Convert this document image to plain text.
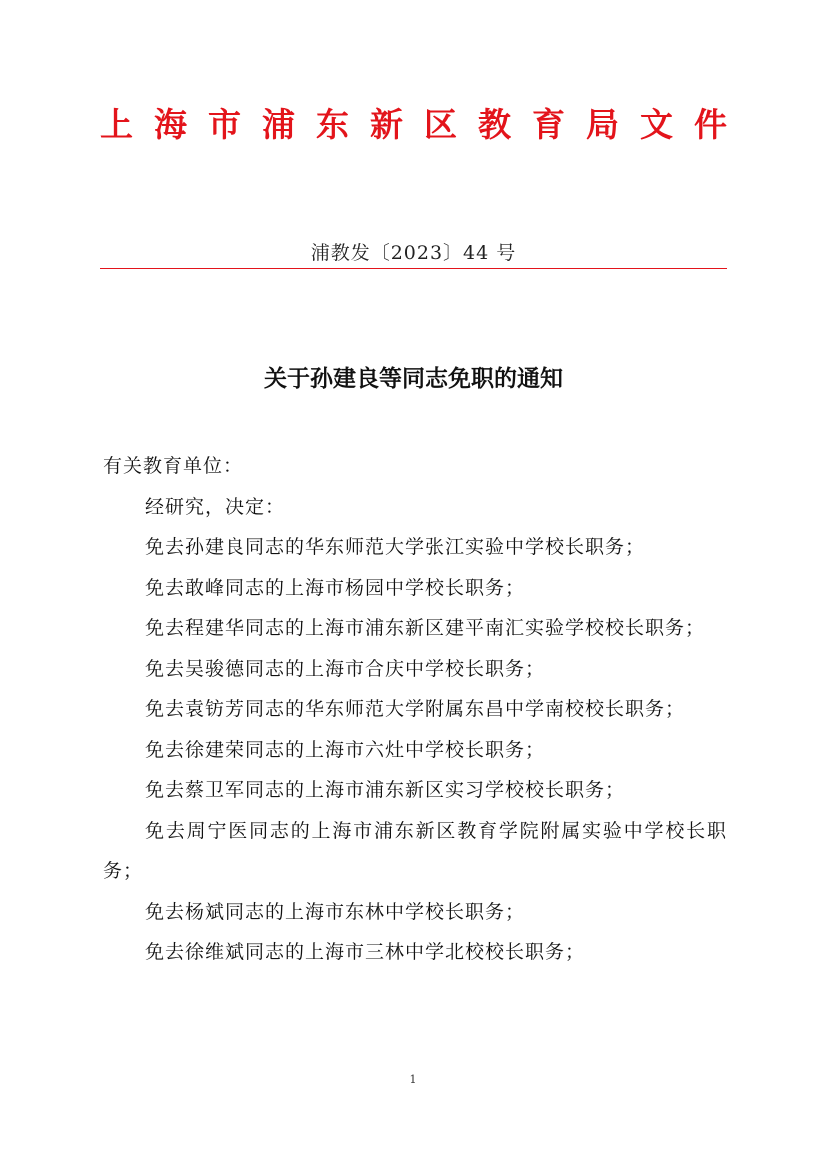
上 海 市 浦 东 新 区 教 育 局 文 件
浦教发〔2023〕44 号
关于孙建良等同志免职的通知

有关教育单位：

经研究，决定：

免去孙建良同志的华东师范大学张江实验中学校长职务；

免去敢峰同志的上海市杨园中学校长职务；

免去程建华同志的上海市浦东新区建平南汇实验学校校长职务；

免去吴骏德同志的上海市合庆中学校长职务；

免去袁钫芳同志的华东师范大学附属东昌中学南校校长职务；

免去徐建荣同志的上海市六灶中学校长职务；

免去蔡卫军同志的上海市浦东新区实习学校校长职务；

免去周宁医同志的上海市浦东新区教育学院附属实验中学校长职务；

免去杨斌同志的上海市东林中学校长职务；

免去徐维斌同志的上海市三林中学北校校长职务；

1
